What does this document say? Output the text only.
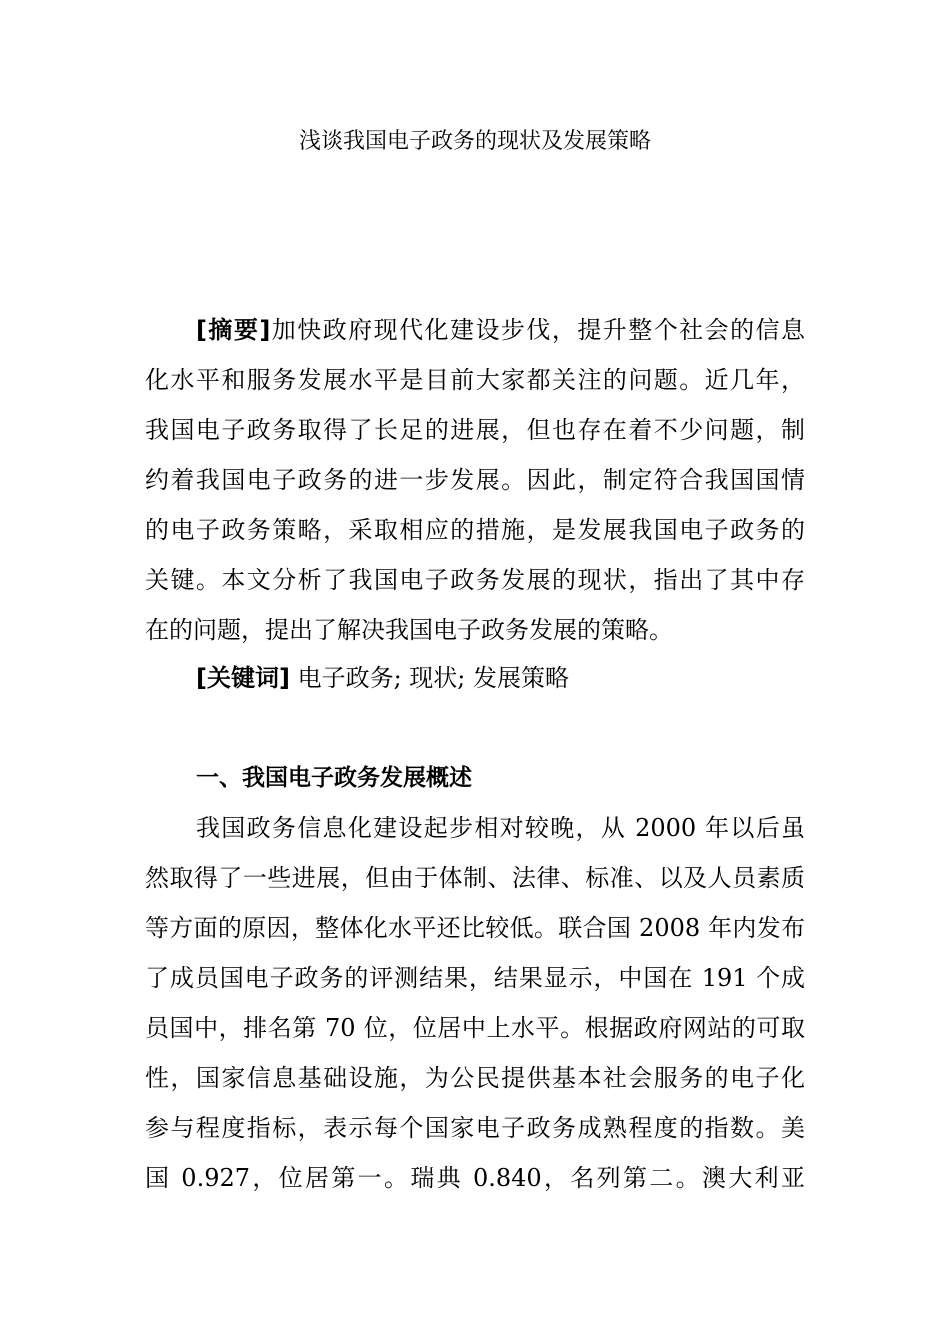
浅谈我国电子政务的现状及发展策略
[摘要]加快政府现代化建设步伐，提升整个社会的信息
化水平和服务发展水平是目前大家都关注的问题。近几年，
我国电子政务取得了长足的进展，但也存在着不少问题，制
约着我国电子政务的进一步发展。因此，制定符合我国国情
的电子政务策略，采取相应的措施，是发展我国电子政务的
关键。本文分析了我国电子政务发展的现状，指出了其中存
在的问题，提出了解决我国电子政务发展的策略。
[关键词] 电子政务; 现状; 发展策略
一、我国电子政务发展概述
我国政务信息化建设起步相对较晚，从 2000 年以后虽
然取得了一些进展，但由于体制、法律、标准、以及人员素质
等方面的原因，整体化水平还比较低。联合国 2008 年内发布
了成员国电子政务的评测结果，结果显示，中国在 191 个成
员国中，排名第 70 位，位居中上水平。根据政府网站的可取
性，国家信息基础设施，为公民提供基本社会服务的电子化
参与程度指标，表示每个国家电子政务成熟程度的指数。美
国 0.927，位居第一。瑞典 0.840，名列第二。澳大利亚
